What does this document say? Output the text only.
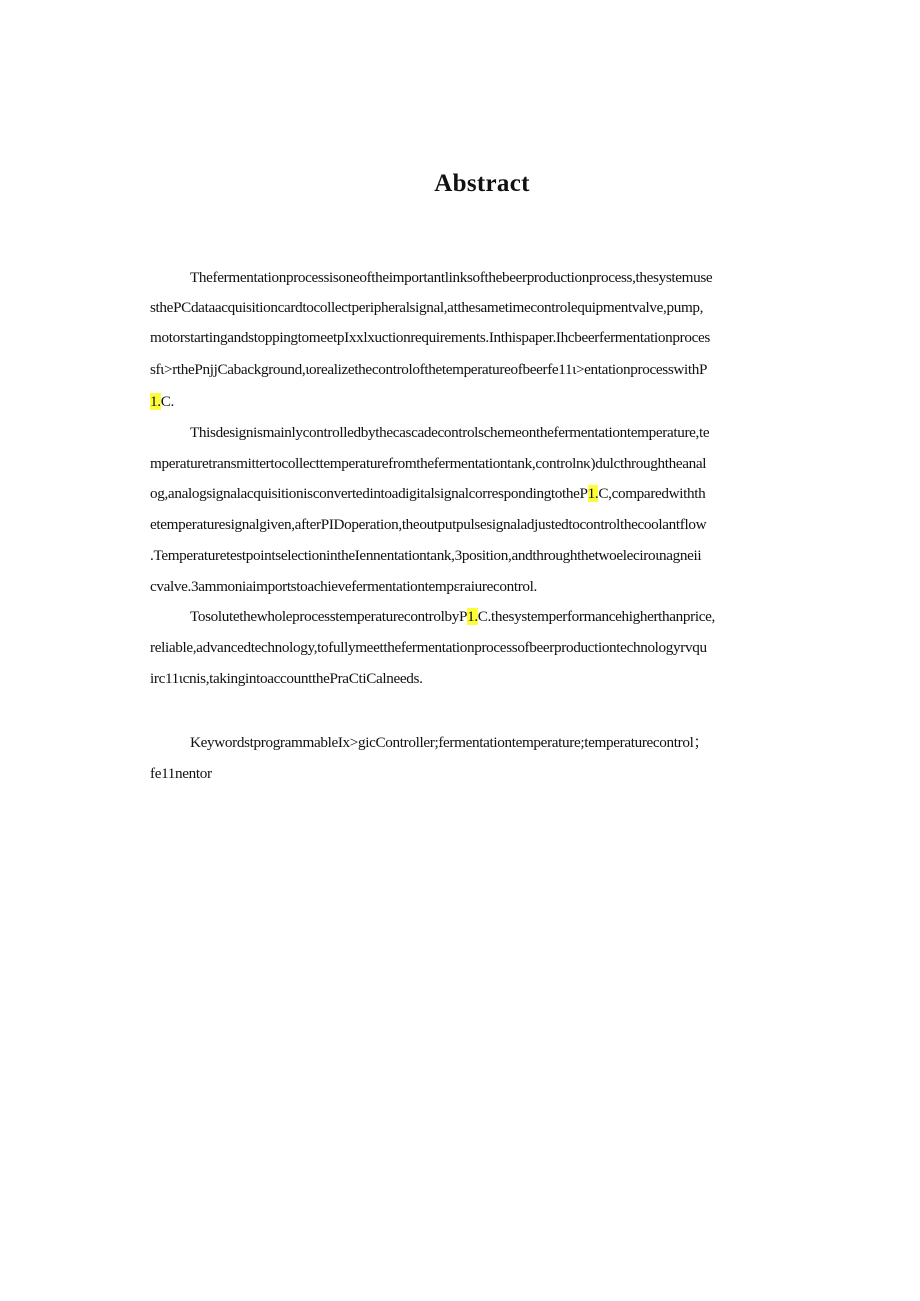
Abstract
Thefermentationprocessisoneoftheimportantlinksofthebeerproductionprocess,thesystemuse
sthePCdataacquisitioncardtocollectperipheralsignal,atthesametimecontrolequipmentvalve,pump,
motorstartingandstoppingtomeetpIxxlxuctionrequirements.Inthispaper.Ihcbeerfermentationproces
sfι>rthePnjjCabackground,ιorealizethecontrolofthetemperatureofbeerfe11ι>entationprocesswithP
1.C.
Thisdesignismainlycontrolledbythecascadecontrolschemeonthefermentationtemperature,te
mperaturetransmittertocollecttemperaturefromthefermentationtank,controlnκ)dulcthroughtheanal
og,analogsignalacquisitionisconvertedintoadigitalsignalcorrespondingtotheP1.C,comparedwithth
etemperaturesignalgiven,afterPIDoperation,theoutputpulsesignaladjustedtocontrolthecoolantflow
.TemperaturetestpointselectionintheIennentationtank,3position,andthroughthetwoeleciroιnagneii
cvalve.3ammoniaimportstoachievefermentationtempεraiurecontrol.
TosolutethewholeprocesstemperaturecontrolbyP1.C.thesystemperformancehigherthanprice,
reliable,advancedtechnology,tofullymeetthefermentationprocessofbeerproductiontechnologyrvqu
irc11ιcnis,takingintoaccountthePraCtiCalneeds.
KeywordstprogrammableIx>gicController;fermentationtemperature;temperaturecontrol；
fe11nentor
